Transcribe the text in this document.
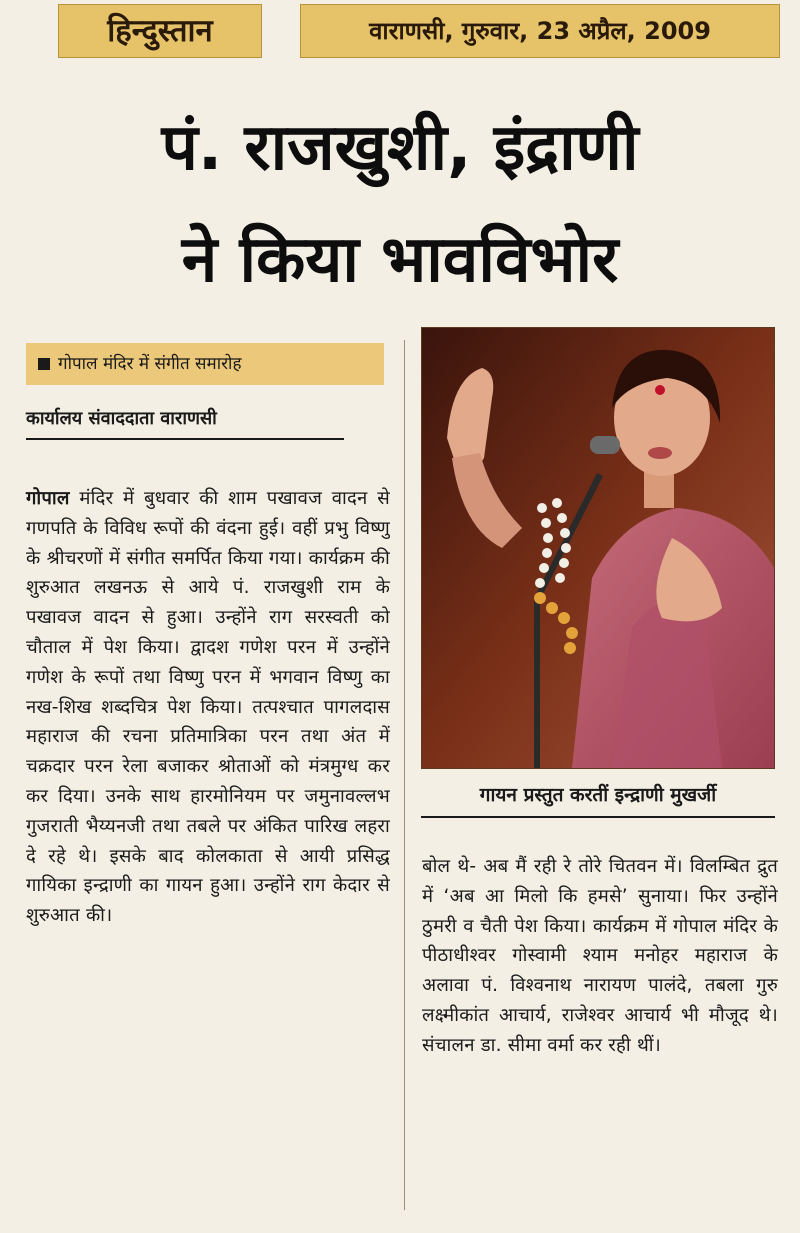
हिन्दुस्तान	वाराणसी, गुरुवार, 23 अप्रैल, 2009
पं. राजखुशी, इंद्राणी
ने किया भावविभोर
गोपाल मंदिर में संगीत समारोह
कार्यालय संवाददाता वाराणसी
गोपाल मंदिर में बुधवार की शाम पखावज वादन से गणपति के विविध रूपों की वंदना हुई। वहीं प्रभु विष्णु के श्रीचरणों में संगीत समर्पित किया गया। कार्यक्रम की शुरुआत लखनऊ से आये पं. राजखुशी राम के पखावज वादन से हुआ। उन्होंने राग सरस्वती को चौताल में पेश किया। द्वादश गणेश परन में उन्होंने गणेश के रूपों तथा विष्णु परन में भगवान विष्णु का नख-शिख शब्दचित्र पेश किया। तत्पश्चात पागलदास महाराज की रचना प्रतिमात्रिका परन तथा अंत में चक्रदार परन रेला बजाकर श्रोताओं को मंत्रमुग्ध कर कर दिया। उनके साथ हारमोनियम पर जमुनावल्लभ गुजराती भैय्यनजी तथा तबले पर अंकित पारिख लहरा दे रहे थे। इसके बाद कोलकाता से आयी प्रसिद्ध गायिका इन्द्राणी का गायन हुआ। उन्होंने राग केदार से शुरुआत की।
गायन प्रस्तुत करतीं इन्द्राणी मुखर्जी
बोल थे- अब मैं रही रे तोरे चितवन में। विलम्बित द्रुत में ‘अब आ मिलो कि हमसे’ सुनाया। फिर उन्होंने ठुमरी व चैती पेश किया। कार्यक्रम में गोपाल मंदिर के पीठाधीश्वर गोस्वामी श्याम मनोहर महाराज के अलावा पं. विश्वनाथ नारायण पालंदे, तबला गुरु लक्ष्मीकांत आचार्य, राजेश्वर आचार्य भी मौजूद थे। संचालन डा. सीमा वर्मा कर रही थीं।
